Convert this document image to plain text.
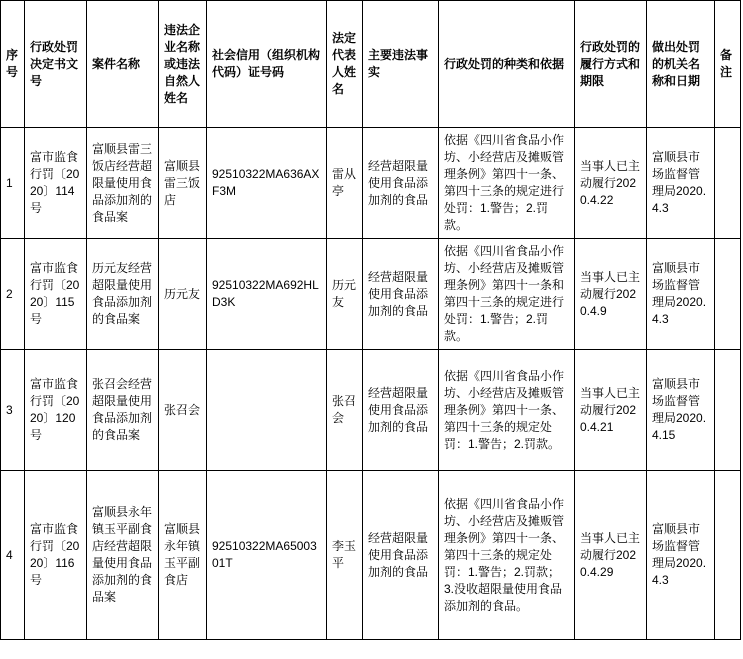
序号	行政处罚决定书文号	案件名称	违法企业名称或违法自然人姓名	社会信用（组织机构代码）证号码	法定代表人姓名	主要违法事实	行政处罚的种类和依据	行政处罚的履行方式和期限	做出处罚的机关名称和日期	备注
1	富市监食行罚〔2020〕114号	富顺县雷三饭店经营超限量使用食品添加剂的食品案	富顺县雷三饭店	92510322MA636AXF3M	雷从亭	经营超限量使用食品添加剂的食品	依据《四川省食品小作坊、小经营店及摊贩管理条例》第四十一条、第四十三条的规定进行处罚：1.警告；2.罚款。	当事人已主动履行2020.4.22	富顺县市场监督管理局2020.4.3	
2	富市监食行罚〔2020〕115号	历元友经营超限量使用食品添加剂的食品案	历元友	92510322MA692HLD3K	历元友	经营超限量使用食品添加剂的食品	依据《四川省食品小作坊、小经营店及摊贩管理条例》第四十一条和第四十三条的规定进行处罚：1.警告；2.罚款。	当事人已主动履行2020.4.9	富顺县市场监督管理局2020.4.3	
3	富市监食行罚〔2020〕120号	张召会经营超限量使用食品添加剂的食品案	张召会		张召会	经营超限量使用食品添加剂的食品	依据《四川省食品小作坊、小经营店及摊贩管理条例》第四十一条、第四十三条的规定处罚：1.警告；2.罚款。	当事人已主动履行2020.4.21	富顺县市场监督管理局2020.4.15	
4	富市监食行罚〔2020〕116号	富顺县永年镇玉平副食店经营超限量使用食品添加剂的食品案	富顺县永年镇玉平副食店	92510322MA6500301T	李玉平	经营超限量使用食品添加剂的食品	依据《四川省食品小作坊、小经营店及摊贩管理条例》第四十一条、第四十三条的规定处罚：1.警告；2.罚款；3.没收超限量使用食品添加剂的食品。	当事人已主动履行2020.4.29	富顺县市场监督管理局2020.4.3	
